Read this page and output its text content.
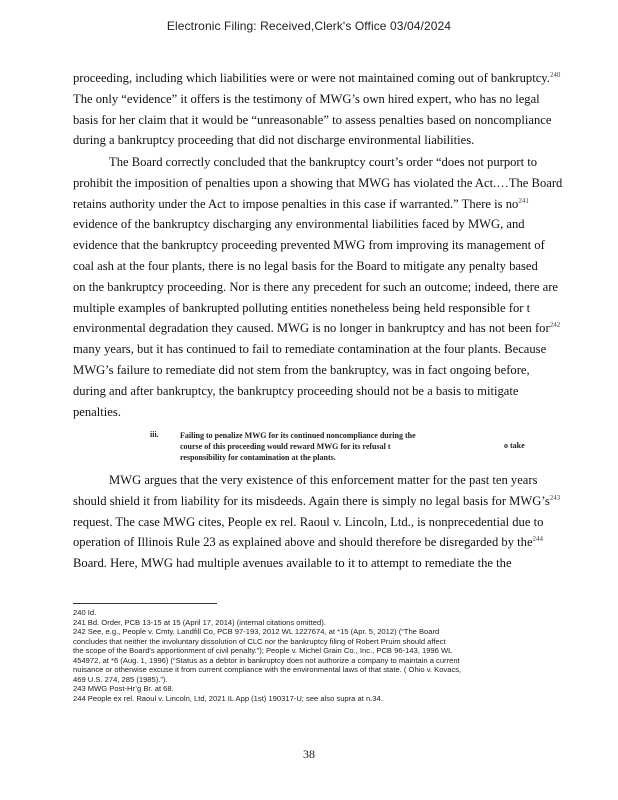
Electronic Filing: Received,Clerk's Office 03/04/2024
proceeding, including which liabilities were or were not maintained coming out of bankruptcy.$^{240}$
The only “evidence” it offers is the testimony of MWG’s own hired expert, who has no legal
basis for her claim that it would be “unreasonable” to assess penalties based on noncompliance
during a bankruptcy proceeding that did not discharge environmental liabilities.
The Board correctly concluded that the bankruptcy court’s order “does not purport to
prohibit the imposition of penalties upon a showing that MWG has violated the Act.…The Board
retains authority under the Act to impose penalties in this case if warranted.” There is no$^{241}$
evidence of the bankruptcy discharging any environmental liabilities faced by MWG, and
evidence that the bankruptcy proceeding prevented MWG from improving its management of
coal ash at the four plants, there is no legal basis for the Board to mitigate any penalty based
on the bankruptcy proceeding. Nor is there any precedent for such an outcome; indeed, there are
multiple examples of bankrupted polluting entities nonetheless being held responsible for t
environmental degradation they caused. MWG is no longer in bankruptcy and has not been for$^{242}$
many years, but it has continued to fail to remediate contamination at the four plants. Because
MWG’s failure to remediate did not stem from the bankruptcy, was in fact ongoing before,
during and after bankruptcy, the bankruptcy proceeding should not be a basis to mitigate
penalties.
iii.	Failing to penalize MWG for its continued noncompliance during the
course of this proceeding would reward MWG for its refusal t
responsibility for contamination at the plants.
o take
MWG argues that the very existence of this enforcement matter for the past ten years
should shield it from liability for its misdeeds. Again there is simply no legal basis for MWG’s$^{243}$
request. The case MWG cites, People ex rel. Raoul v. Lincoln, Ltd., is nonprecedential due to
operation of Illinois Rule 23 as explained above and should therefore be disregarded by the$^{244}$
Board. Here, MWG had multiple avenues available to it to attempt to remediate the the
240 Id.
241 Bd. Order, PCB 13-15 at 15 (April 17, 2014) (internal citations omitted).
242 See, e.g., People v. Cmty. Landfill Co, PCB 97-193, 2012 WL 1227674, at *15 (Apr. 5, 2012) (“The Board
concludes that neither the involuntary dissolution of CLC nor the bankruptcy filing of Robert Pruim should affect
the scope of the Board's apportionment of civil penalty.”); People v. Michel Grain Co., Inc., PCB 96-143, 1996 WL
454972, at *6 (Aug. 1, 1996) (“Status as a debtor in bankruptcy does not authorize a company to maintain a current
nuisance or otherwise excuse it from current compliance with the environmental laws of that state. ( Ohio v. Kovacs,
469 U.S. 274, 285 (1985).”).
243 MWG Post-Hr’g Br. at 68.
244 People ex rel. Raoul v. Lincoln, Ltd, 2021 IL App (1st) 190317-U; see also supra at n.34.
38
